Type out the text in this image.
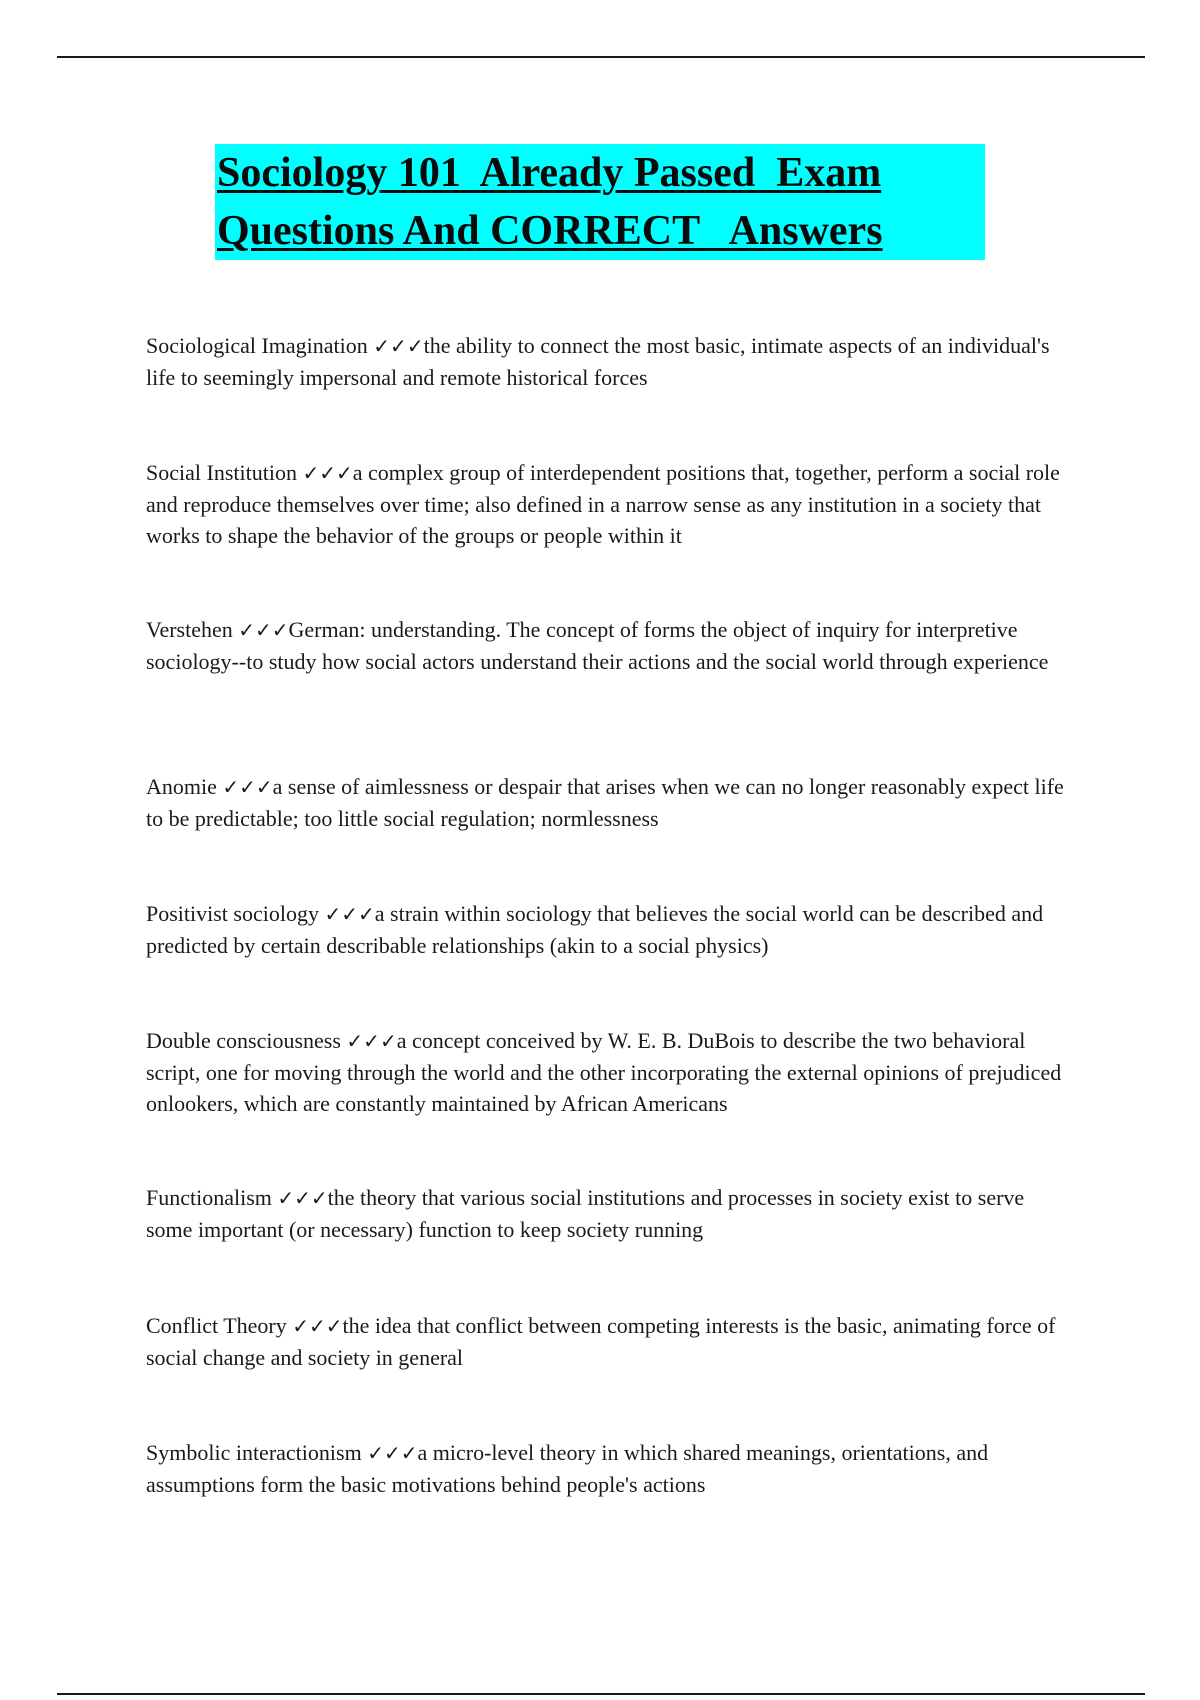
Sociology 101  Already Passed  Exam
Questions And CORRECT   Answers
Sociological Imagination ✓✓✓the ability to connect the most basic, intimate aspects of an individual's life to seemingly impersonal and remote historical forces
Social Institution ✓✓✓a complex group of interdependent positions that, together, perform a social role and reproduce themselves over time; also defined in a narrow sense as any institution in a society that works to shape the behavior of the groups or people within it
Verstehen ✓✓✓German: understanding. The concept of forms the object of inquiry for interpretive sociology--to study how social actors understand their actions and the social world through experience
Anomie ✓✓✓a sense of aimlessness or despair that arises when we can no longer reasonably expect life to be predictable; too little social regulation; normlessness
Positivist sociology ✓✓✓a strain within sociology that believes the social world can be described and predicted by certain describable relationships (akin to a social physics)
Double consciousness ✓✓✓a concept conceived by W. E. B. DuBois to describe the two behavioral script, one for moving through the world and the other incorporating the external opinions of prejudiced onlookers, which are constantly maintained by African Americans
Functionalism ✓✓✓the theory that various social institutions and processes in society exist to serve some important (or necessary) function to keep society running
Conflict Theory ✓✓✓the idea that conflict between competing interests is the basic, animating force of social change and society in general
Symbolic interactionism ✓✓✓a micro-level theory in which shared meanings, orientations, and assumptions form the basic motivations behind people's actions
